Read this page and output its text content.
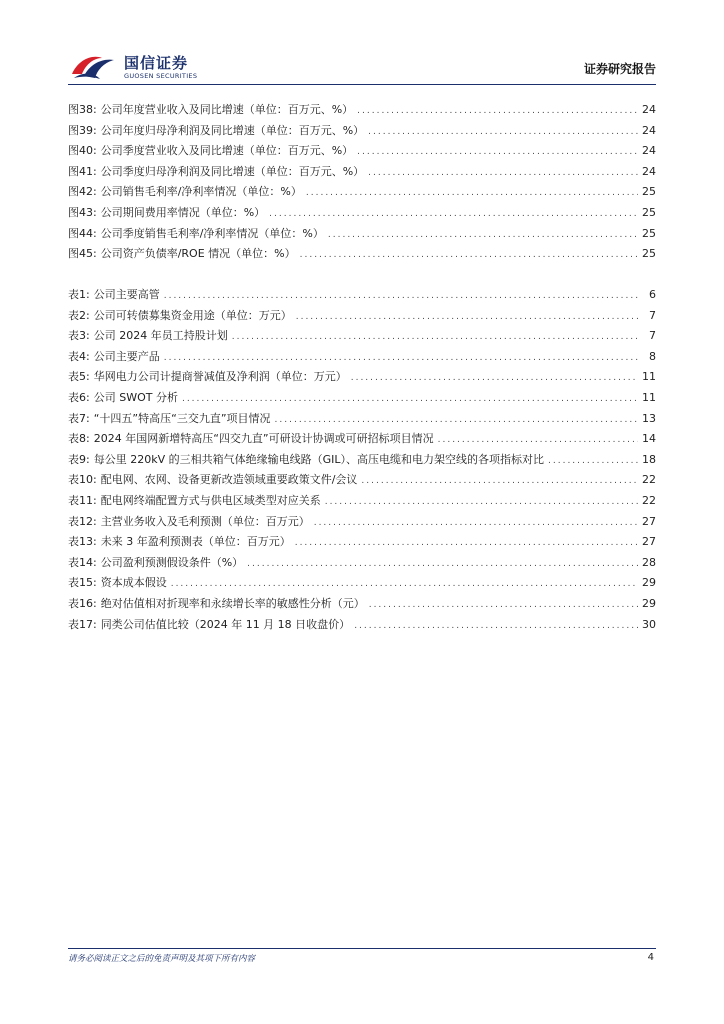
国信证券
GUOSEN SECURITIES	证券研究报告
图38: 公司年度营业收入及同比增速（单位：百万元、%） .....	24
图39: 公司年度归母净利润及同比增速（单位：百万元、%） .....	24
图40: 公司季度营业收入及同比增速（单位：百万元、%） .....	24
图41: 公司季度归母净利润及同比增速（单位：百万元、%） .....	24
图42: 公司销售毛利率/净利率情况（单位：%） .....	25
图43: 公司期间费用率情况（单位：%） .....	25
图44: 公司季度销售毛利率/净利率情况（单位：%） .....	25
图45: 公司资产负债率/ROE 情况（单位：%） .....	25
表1: 公司主要高管 .....	6
表2: 公司可转债募集资金用途（单位：万元） .....	7
表3: 公司 2024 年员工持股计划 .....	7
表4: 公司主要产品 .....	8
表5: 华网电力公司计提商誉减值及净利润（单位：万元） .....	11
表6: 公司 SWOT 分析 .....	11
表7: “十四五”特高压“三交九直”项目情况 .....	13
表8: 2024 年国网新增特高压“四交九直”可研设计协调或可研招标项目情况 .....	14
表9: 每公里 220kV 的三相共箱气体绝缘输电线路（GIL）、高压电缆和电力架空线的各项指标对比 .....	18
表10: 配电网、农网、设备更新改造领域重要政策文件/会议 .....	22
表11: 配电网终端配置方式与供电区域类型对应关系 .....	22
表12: 主营业务收入及毛利预测（单位：百万元） .....	27
表13: 未来 3 年盈利预测表（单位：百万元） .....	27
表14: 公司盈利预测假设条件（%） .....	28
表15: 资本成本假设 .....	29
表16: 绝对估值相对折现率和永续增长率的敏感性分析（元） .....	29
表17: 同类公司估值比较（2024 年 11 月 18 日收盘价） .....	30
请务必阅读正文之后的免责声明及其项下所有内容	4
